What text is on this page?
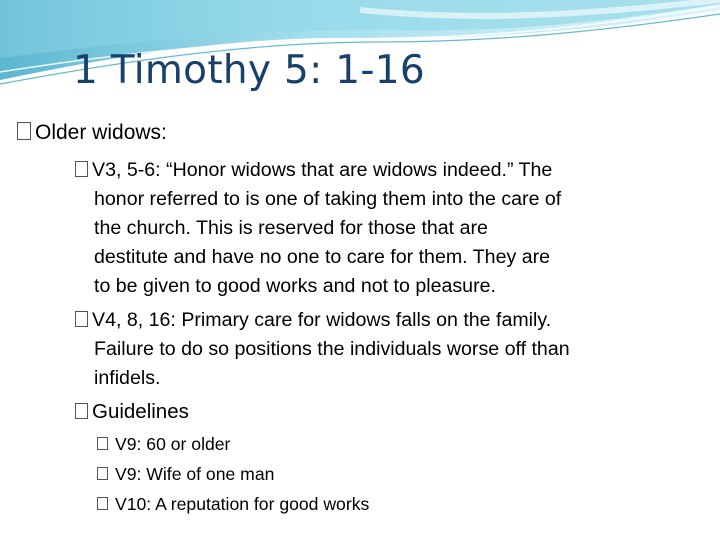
1 Timothy 5: 1-16
Older widows:
V3, 5-6: “Honor widows that are widows indeed.” The
honor referred to is one of taking them into the care of
the church. This is reserved for those that are
destitute and have no one to care for them. They are
to be given to good works and not to pleasure.
V4, 8, 16: Primary care for widows falls on the family.
Failure to do so positions the individuals worse off than
infidels.
Guidelines
V9: 60 or older
V9: Wife of one man
V10: A reputation for good works
